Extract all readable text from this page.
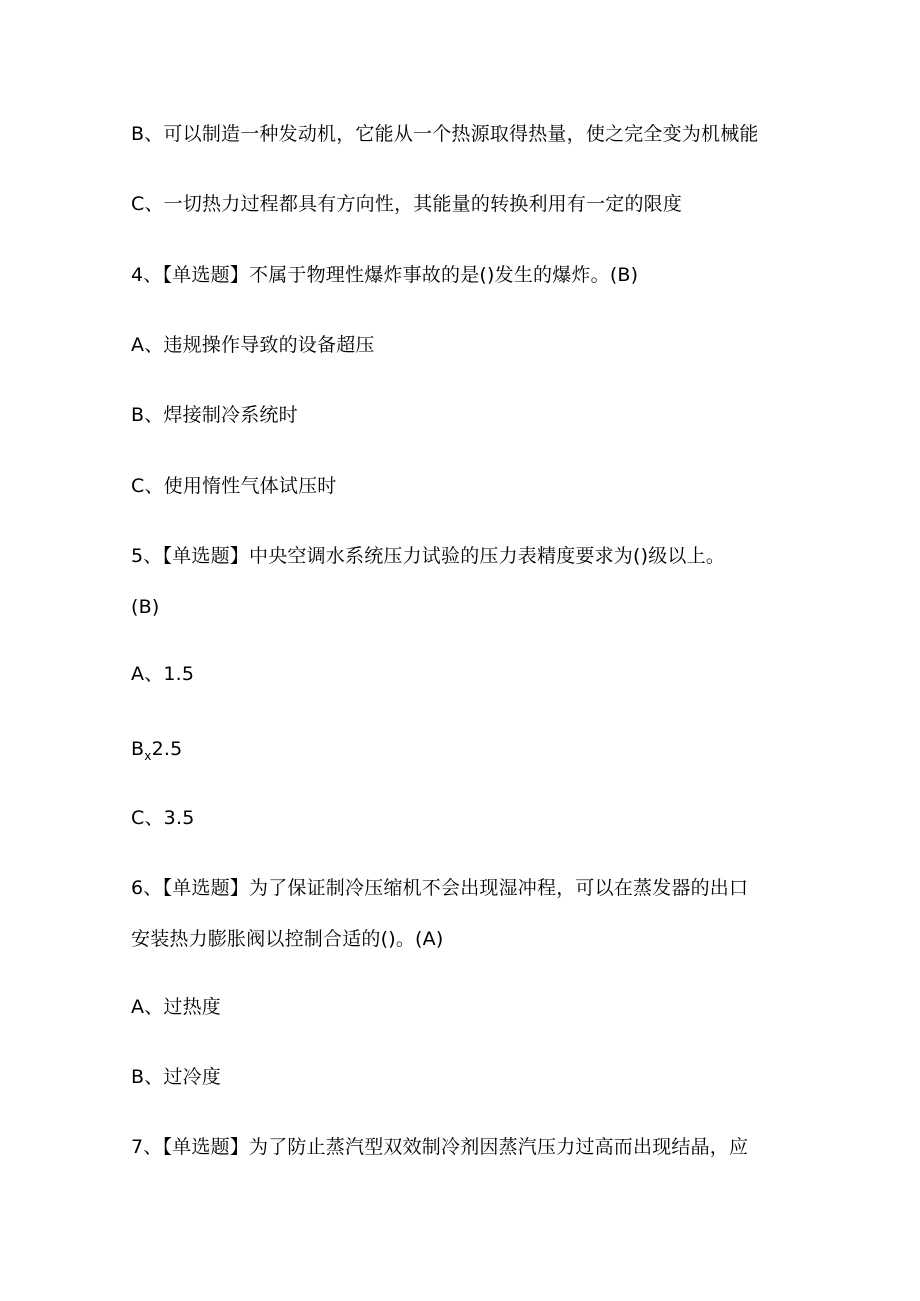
B、可以制造一种发动机，它能从一个热源取得热量，使之完全变为机械能
C、一切热力过程都具有方向性，其能量的转换利用有一定的限度
4、【单选题】不属于物理性爆炸事故的是()发生的爆炸。(B)
A、违规操作导致的设备超压
B、焊接制冷系统时
C、使用惰性气体试压时
5、【单选题】中央空调水系统压力试验的压力表精度要求为()级以上。
(B)
A、1.5
$B_x2.5$
C、3.5
6、【单选题】为了保证制冷压缩机不会出现湿冲程，可以在蒸发器的出口
安装热力膨胀阀以控制合适的()。(A)
A、过热度
B、过冷度
7、【单选题】为了防止蒸汽型双效制冷剂因蒸汽压力过高而出现结晶，应
